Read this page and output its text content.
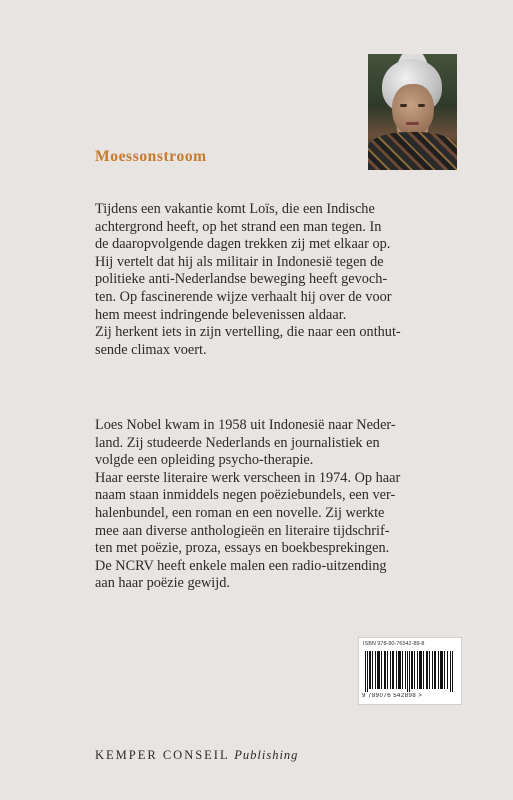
Moessonstroom
Tijdens een vakantie komt Loïs, die een Indische
achtergrond heeft, op het strand een man tegen. In
de daaropvolgende dagen trekken zij met elkaar op.
Hij vertelt dat hij als militair in Indonesië tegen de
politieke anti-Nederlandse beweging heeft gevoch-
ten. Op fascinerende wijze verhaalt hij over de voor
hem meest indringende belevenissen aldaar.
Zij herkent iets in zijn vertelling, die naar een onthut-
sende climax voert.
Loes Nobel kwam in 1958 uit Indonesië naar Neder-
land. Zij studeerde Nederlands en journalistiek en
volgde een opleiding psycho-therapie.
Haar eerste literaire werk verscheen in 1974. Op haar
naam staan inmiddels negen poëziebundels, een ver-
halenbundel, een roman en een novelle. Zij werkte
mee aan diverse anthologieën en literaire tijdschrif-
ten met poëzie, proza, essays en boekbesprekingen.
De NCRV heeft enkele malen een radio-uitzending
aan haar poëzie gewijd.
ISBN 978-90-76542-89-8
9 789076 542898 >
KEMPER CONSEIL Publishing
